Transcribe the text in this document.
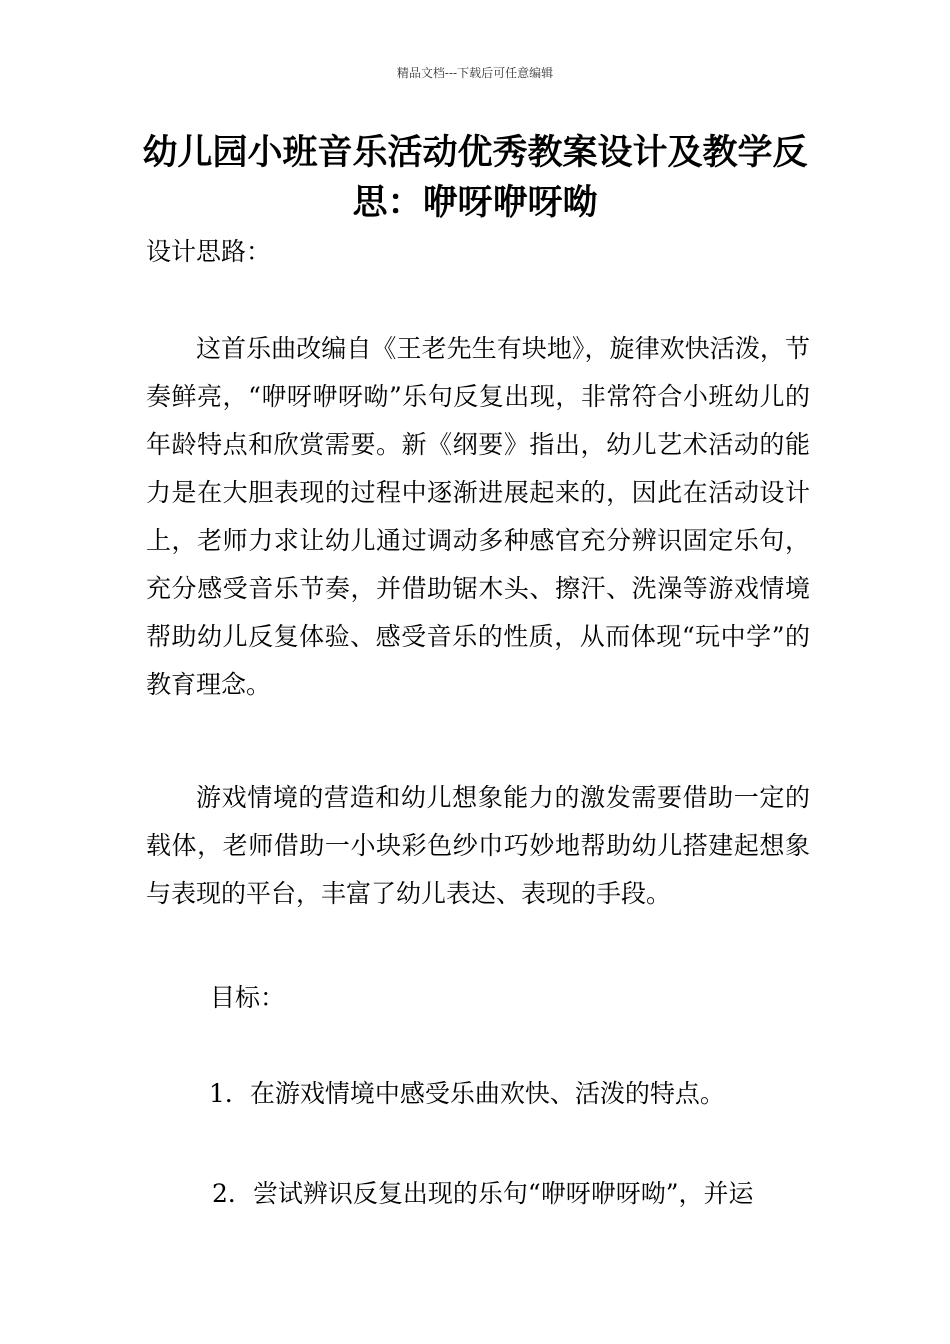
精品文档---下载后可任意编辑
幼儿园小班音乐活动优秀教案设计及教学反思：咿呀咿呀呦
设计思路：
这首乐曲改编自《王老先生有块地》，旋律欢快活泼，节奏鲜亮，“咿呀咿呀呦”乐句反复出现，非常符合小班幼儿的年龄特点和欣赏需要。新《纲要》指出，幼儿艺术活动的能力是在大胆表现的过程中逐渐进展起来的，因此在活动设计上，老师力求让幼儿通过调动多种感官充分辨识固定乐句，充分感受音乐节奏，并借助锯木头、擦汗、洗澡等游戏情境帮助幼儿反复体验、感受音乐的性质，从而体现“玩中学”的教育理念。
游戏情境的营造和幼儿想象能力的激发需要借助一定的载体，老师借助一小块彩色纱巾巧妙地帮助幼儿搭建起想象与表现的平台，丰富了幼儿表达、表现的手段。
目标：
1．在游戏情境中感受乐曲欢快、活泼的特点。
2．尝试辨识反复出现的乐句“咿呀咿呀呦”，并运
